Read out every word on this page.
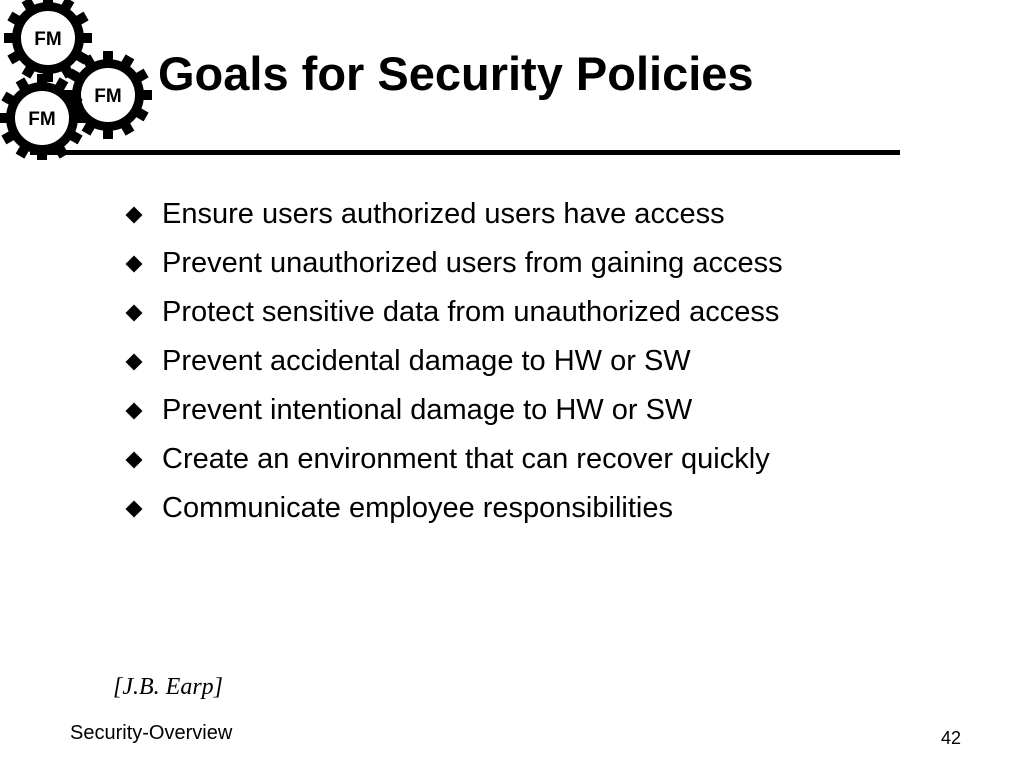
FM
FM
FM
Goals for Security Policies
Ensure users authorized users have access
Prevent unauthorized users from gaining access
Protect sensitive data from unauthorized access
Prevent accidental damage to HW or SW
Prevent intentional damage to HW or SW
Create an environment that can recover quickly
Communicate employee responsibilities
[J.B. Earp]
Security-Overview	42
